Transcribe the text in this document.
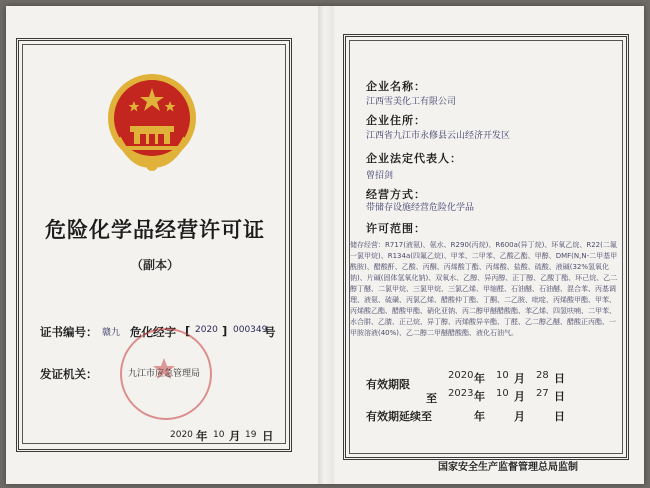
危险化学品经营许可证
（副本）
证书编号： 赣九 危化经字 [ 2020 ] 000349
号
发证机关：	九江市应急管理局
2020 年 10 月 19 日
企业名称：
江西雪美化工有限公司
企业住所：
江西省九江市永修县云山经济开发区
企业法定代表人：
曾招剑
经营方式：
带储存设施经营危险化学品
许可范围：
储存经营：R717(液氨)、氨水、R290(丙烷)、R600a(异丁烷)、环氧乙烷、R22(二氟一氯甲烷)、R134a(四氟乙烷)、甲苯、二甲苯、乙酸乙酯、甲醇、DMF(N,N-二甲基甲酰胺)、醋酸酐、乙酸、丙酮、丙烯酸丁酯、丙烯酸、盐酸、硫酸、液碱(32%氢氧化钠)、片碱(固体氢氧化钠)、双氧水、乙醇、异丙醇、正丁醇、乙酸丁酯、环己烷、乙二醇丁醚、二氯甲烷、三氯甲烷、三氯乙烯、甲缩醛、石油醚、石油醚、混合苯、丙基调理、液氨、硫磺、丙氯乙烯、醋酸仲丁酯、丁酮、二乙胺、吡啶、丙烯酸甲酯、甲苯、丙烯酸乙酯、醋酸甲酯、硝化亚钠、丙二醇甲醚醋酸酯、苯乙烯、四氢呋喃、二甲苯、水合肼、乙腈、正己烷、异丁醇、丙烯酸异辛酯、丁醛、乙二醇乙醚、醋酸正丙酯、一甲胺溶液(40%)、乙二醇二甲醚醋酸酯、液化石油气。
有效期限
2020 年 10 月 28 日
至 2023 年 10 月 27 日
有效期延续至	年	月	日
国家安全生产监督管理总局监制
